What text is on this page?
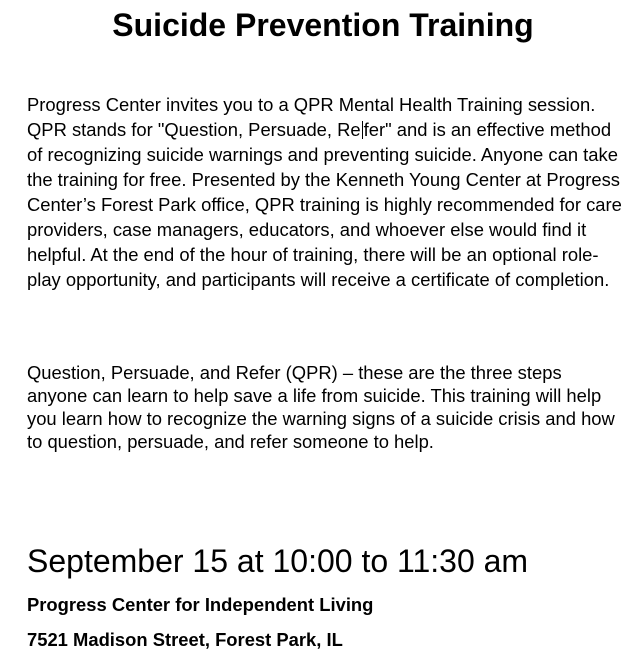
Suicide Prevention Training

Progress Center invites you to a QPR Mental Health Training session. QPR stands for "Question, Persuade, Re fer" and is an effective method of recognizing suicide warnings and preventing suicide. Anyone can take the training for free. Presented by the Kenneth Young Center at Progress Center’s Forest Park office, QPR training is highly recommended for care providers, case managers, educators, and whoever else would find it helpful. At the end of the hour of training, there will be an optional role-play opportunity, and participants will receive a certificate of completion.

Question, Persuade, and Refer (QPR) – these are the three steps anyone can learn to help save a life from suicide. This training will help you learn how to recognize the warning signs of a suicide crisis and how to question, persuade, and refer someone to help.

September 15 at 10:00 to 11:30 am

Progress Center for Independent Living

7521 Madison Street, Forest Park, IL
